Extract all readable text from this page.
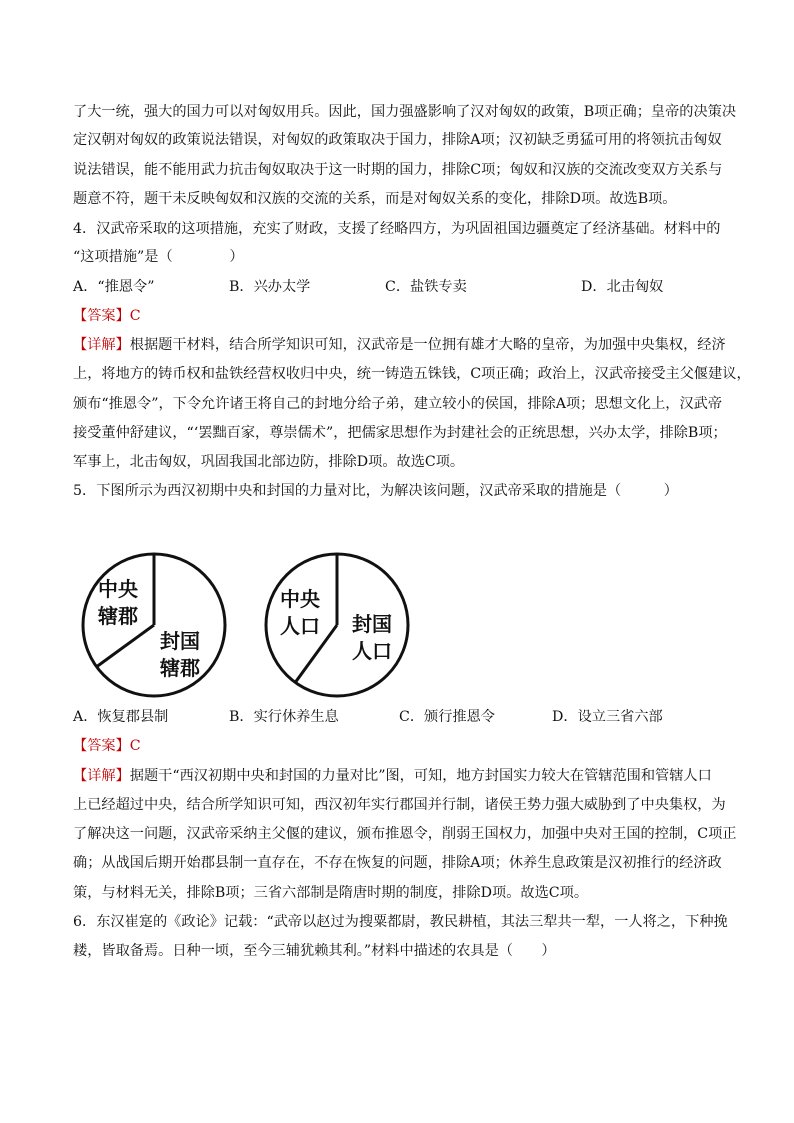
了大一统，强大的国力可以对匈奴用兵。因此，国力强盛影响了汉对匈奴的政策，B项正确；皇帝的决策决
定汉朝对匈奴的政策说法错误，对匈奴的政策取决于国力，排除A项；汉初缺乏勇猛可用的将领抗击匈奴
说法错误，能不能用武力抗击匈奴取决于这一时期的国力，排除C项；匈奴和汉族的交流改变双方关系与
题意不符，题干未反映匈奴和汉族的交流的关系，而是对匈奴关系的变化，排除D项。故选B项。
4．汉武帝采取的这项措施，充实了财政，支援了经略四方，为巩固祖国边疆奠定了经济基础。材料中的
“这项措施”是（　　　　）
A．“推恩令”	B．兴办太学	C．盐铁专卖	D．北击匈奴
【答案】C
【详解】根据题干材料，结合所学知识可知，汉武帝是一位拥有雄才大略的皇帝，为加强中央集权，经济
上，将地方的铸币权和盐铁经营权收归中央，统一铸造五铢钱，C项正确；政治上，汉武帝接受主父偃建议，
颁布“推恩令”，下令允许诸王将自己的封地分给子弟，建立较小的侯国，排除A项；思想文化上，汉武帝
接受董仲舒建议，“‘罢黜百家，尊崇儒术”，把儒家思想作为封建社会的正统思想，兴办太学，排除B项；
军事上，北击匈奴，巩固我国北部边防，排除D项。故选C项。
5．下图所示为西汉初期中央和封国的力量对比，为解决该问题，汉武帝采取的措施是（　　　）
中央
辖郡
封国
辖郡
中央
人口 封国
人口
A．恢复郡县制	B．实行休养生息	C．颁行推恩令	D．设立三省六部
【答案】C
【详解】据题干“西汉初期中央和封国的力量对比”图，可知，地方封国实力较大在管辖范围和管辖人口
上已经超过中央，结合所学知识可知，西汉初年实行郡国并行制，诸侯王势力强大威胁到了中央集权，为
了解决这一问题，汉武帝采纳主父偃的建议，颁布推恩令，削弱王国权力，加强中央对王国的控制，C项正
确；从战国后期开始郡县制一直存在，不存在恢复的问题，排除A项；休养生息政策是汉初推行的经济政
策，与材料无关，排除B项；三省六部制是隋唐时期的制度，排除D项。故选C项。
6．东汉崔寔的《政论》记载：“武帝以赵过为搜粟都尉，教民耕植，其法三犁共一犁，一人将之，下种挽
耧，皆取备焉。日种一顷，至今三辅犹赖其利。”材料中描述的农具是（　　）
